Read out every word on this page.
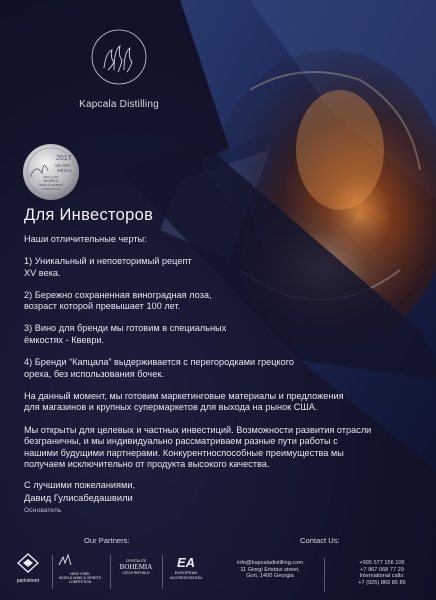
Kapcala Distilling
2017
SILVER
MEDAL
NEW YORK
WORLD
WINE & SPIRITS
COMPETITION
Для Инвесторов

Наши отличительные черты:

1) Уникальный и неповторимый рецепт
XV века.

2) Бережно сохраненная виноградная лоза,
возраст которой превышает 100 лет.

3) Вино для бренди мы готовим в специальных
ёмкостях - Квеври.

4) Бренди “Капцала” выдерживается с перегородками грецкого
ореха, без использования бочек.

На данный момент, мы готовим маркетинговые материалы и предложения
для магазинов и крупных супермаркетов для выхода на рынок США.

Мы открыты для целевых и частных инвестиций. Возможности развития отрасли
безграничны, и мы индивидуально рассматриваем разные пути работы с
нашими будущими партнерами. Конкурентноспособные преимущества мы
получаем исключительно от продукта высокого качества.

С лучшими пожеланиями,
Давид Гулисабедашвили
Основатель
Our Partners:	Contact Us:
parkstreet
NEW YORK
WORLD WINE & SPIRITS
COMPETITION
CRYSTALITE
BOHEMIA
CZECH REPUBLIC
EA
EUROPEAN
ACCREDITATION
info@kapcaladistilling.com
11 Giorgi Eristavi street,
Gori, 1400 Georgia
+995 577 156 106
+7 967 068 77 29
International calls:
+7 (925) 869 85 86
